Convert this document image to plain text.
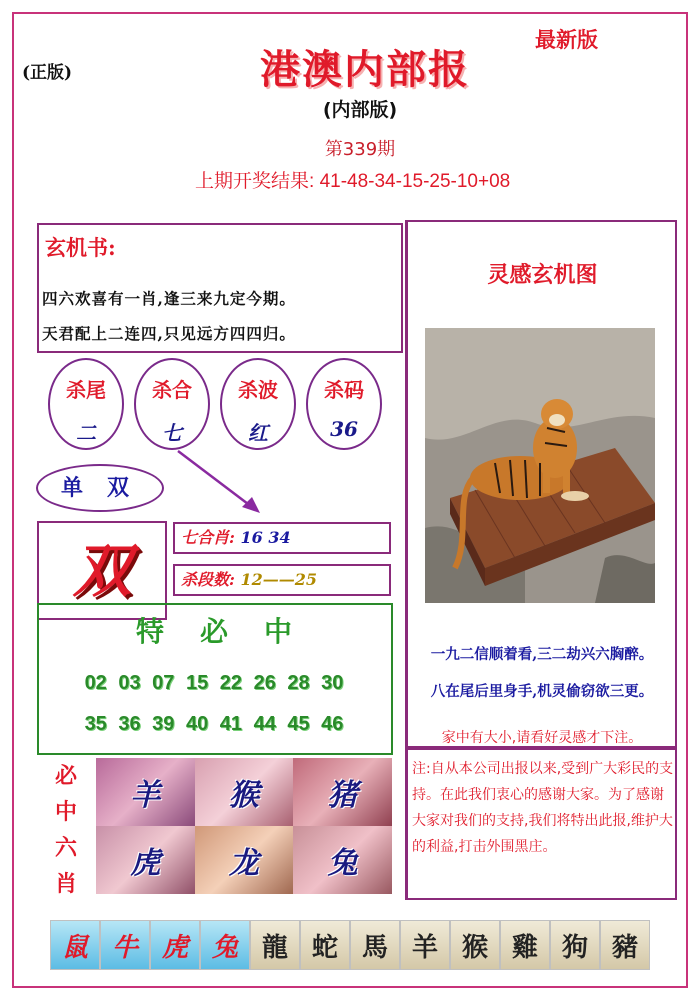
(正版)	港澳内部报
最新版
(内部版)
第339期
上期开奖结果: 41-48-34-15-25-10+08
玄机书:
四六欢喜有一肖,逢三来九定今期。
天君配上二连四,只见远方四四归。
杀尾
二
杀合
七
杀波
红
杀码
36
单双
双	七合肖: 16 34
杀段数: 12——25
特必中
02 03 07 15 22 26 28 30
35 36 39 40 41 44 45 46
必
中
六
肖
羊	猴	猪
虎	龙	兔
灵感玄机图
一九二信顺着看,三二劫兴六胸醉。
八在尾后里身手,机灵偷窃欲三更。
家中有大小,请看好灵感才下注。
注:自从本公司出报以来,受到广大彩民的支持。在此我们衷心的感谢大家。为了感谢大家对我们的支持,我们将特出此报,维护大的利益,打击外围黑庄。
鼠 牛 虎 兔 龍 蛇 馬 羊 猴 雞 狗 豬
